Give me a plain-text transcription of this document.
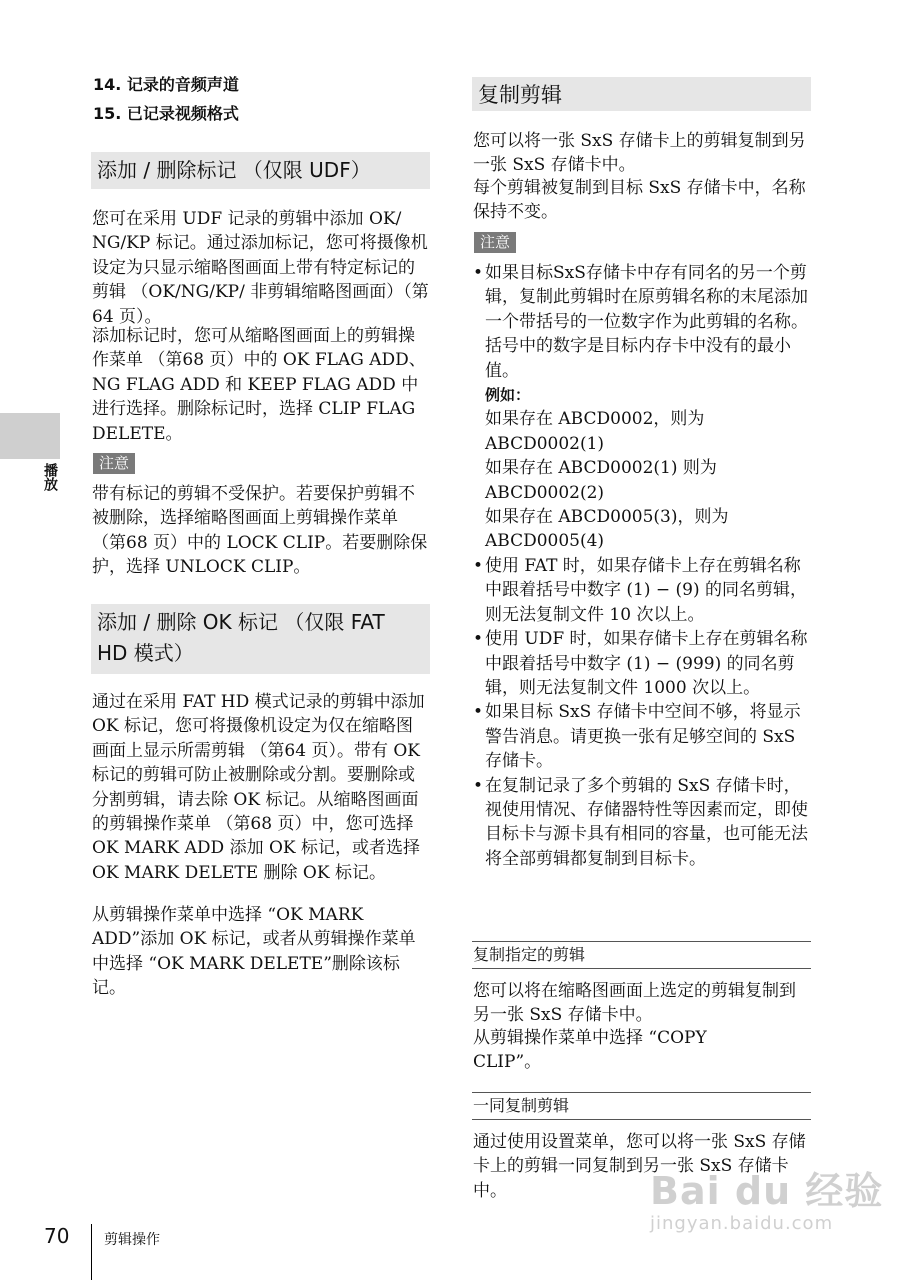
14. 记录的音频声道
15. 已记录视频格式
添加 / 删除标记 （仅限 UDF）

您可在采用 UDF 记录的剪辑中添加 OK/ NG/KP 标记。通过添加标记，您可将摄像机设定为只显示缩略图画面上带有特定标记的剪辑 （OK/NG/KP/ 非剪辑缩略图画面）（第64 页）。

添加标记时，您可从缩略图画面上的剪辑操作菜单 （第68 页）中的 OK FLAG ADD、 NG FLAG ADD 和 KEEP FLAG ADD 中进行选择。删除标记时，选择 CLIP FLAG DELETE。

注意

带有标记的剪辑不受保护。若要保护剪辑不被删除，选择缩略图画面上剪辑操作菜单 （第68 页）中的 LOCK CLIP。若要删除保护，选择 UNLOCK CLIP。

添加 / 删除 OK 标记 （仅限 FAT
HD 模式）

通过在采用 FAT HD 模式记录的剪辑中添加 OK 标记，您可将摄像机设定为仅在缩略图画面上显示所需剪辑 （第64 页）。带有 OK 标记的剪辑可防止被删除或分割。要删除或分割剪辑，请去除 OK 标记。从缩略图画面的剪辑操作菜单 （第68 页）中，您可选择 OK MARK ADD 添加 OK 标记，或者选择 OK MARK DELETE 删除 OK 标记。

从剪辑操作菜单中选择 “OK MARK ADD”添加 OK 标记，或者从剪辑操作菜单中选择 “OK MARK DELETE”删除该标记。

复制剪辑

您可以将一张 SxS 存储卡上的剪辑复制到另一张 SxS 存储卡中。

每个剪辑被复制到目标 SxS 存储卡中，名称保持不变。

注意
• 如果目标SxS存储卡中存有同名的另一个剪辑，复制此剪辑时在原剪辑名称的末尾添加一个带括号的一位数字作为此剪辑的名称。
括号中的数字是目标内存卡中没有的最小值。
例如：
如果存在 ABCD0002，则为
ABCD0002(1)
如果存在 ABCD0002(1) 则为
ABCD0002(2)
如果存在 ABCD0005(3)，则为
ABCD0005(4)
• 使用 FAT 时，如果存储卡上存在剪辑名称中跟着括号中数字 (1) − (9) 的同名剪辑，则无法复制文件 10 次以上。
• 使用 UDF 时，如果存储卡上存在剪辑名称中跟着括号中数字 (1) − (999) 的同名剪辑，则无法复制文件 1000 次以上。
• 如果目标 SxS 存储卡中空间不够，将显示警告消息。请更换一张有足够空间的 SxS 存储卡。
• 在复制记录了多个剪辑的 SxS 存储卡时，视使用情况、存储器特性等因素而定，即使目标卡与源卡具有相同的容量，也可能无法将全部剪辑都复制到目标卡。
复制指定的剪辑

您可以将在缩略图画面上选定的剪辑复制到另一张 SxS 存储卡中。

从剪辑操作菜单中选择 “COPY CLIP”。

一同复制剪辑

通过使用设置菜单，您可以将一张 SxS 存储卡上的剪辑一同复制到另一张 SxS 存储卡中。

播放
70 剪辑操作
Bai du 经验
jingyan.baidu.com
